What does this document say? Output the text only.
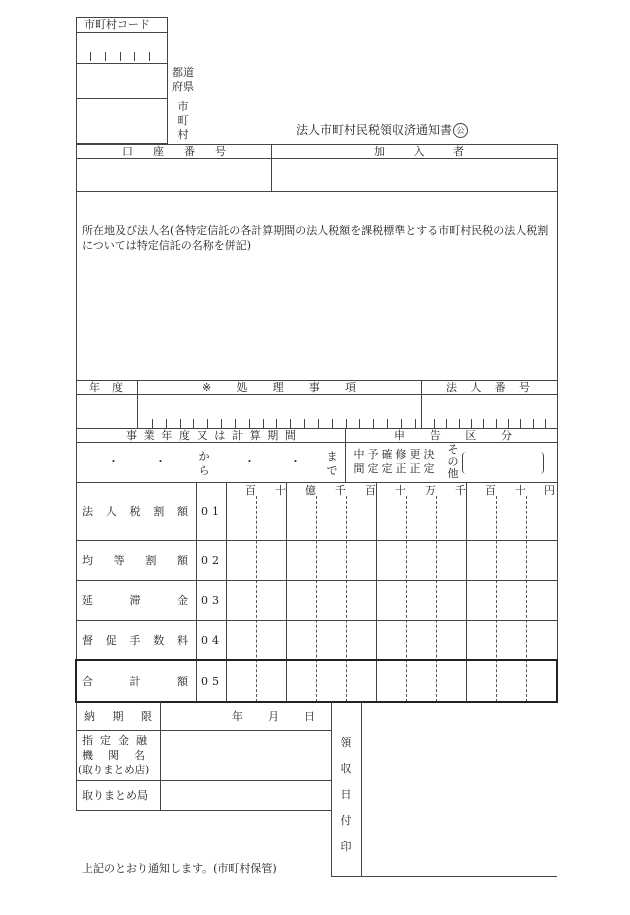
市町村コード
都道府県
市町村	法人市町村民税領収済通知書 公
口 座 番 号	加	入	者
所在地及び法人名(各特定信託の各計算期間の法人税額を課税標準とする市町村民税の法人税割については特定信託の名称を併記)
年 度	※ 処 理 事 項	法 人 番 号
事 業 年 度 又 は 計 算 期 間	申 告 区 分
・	・	から
・	・ まで
中間
予定
確定
修正
更正
決定
その他
百 十 億 千 百 十 万 千 百 十 円
法 人 税 割 額 01
均 等 割 額 02
延	滞	金 03
督 促 手 数 料 04
合	計	額 05
納 期 限	年 月 日
指定金融
機関名
(取りまとめ店)
取りまとめ局
領収日付印
上記のとおり通知します。(市町村保管)
